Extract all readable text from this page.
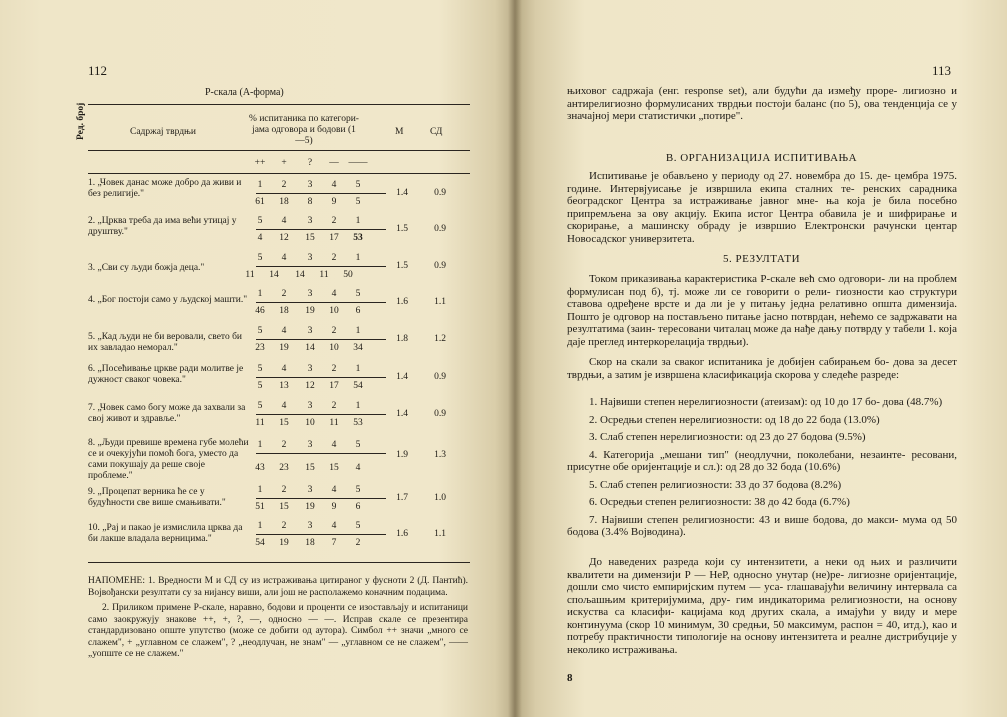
112
Р-скала (А-форма)
Ред. број	Садржај тврдњи
% испитаника по категори- јама одговора и бодови (1—5)
М	СД
++	+	?	—	——
1. „Човек данас може добро да живи и без религије."
1	2	3	4	5
61	18	8	9	5
1.4	0.9
2. „Црква треба да има већи утицај у друштву."
5	4	3	2	1
4	12	15	17	53
1.5	0.9
3. „Сви су људи божја деца."
5	4	3	2	1
11	14	14	11	50
1.5	0.9
4. „Бог постоји само у људској машти."
1	2	3	4	5
46	18	19	10	6
1.6	1.1
5. „Кад људи не би веровали, свето би их завладао неморал."
5	4	3	2	1
23	19	14	10	34
1.8	1.2
6. „Посећивање цркве ради молитве је дужност сваког човека."
5	4	3	2	1
5	13	12	17	54
1.4	0.9
7. „Човек само богу може да захвали за свој живот и здравље."
5	4	3	2	1
11	15	10	11	53
1.4	0.9
8. „Људи превише времена губе молећи се и очекујући помоћ бога, уместо да сами покушају да реше своје проблеме."
1	2	3	4	5
43	23	15	15	4
1.9	1.3
9. „Процепат верника ће се у будућности све више смањивати."
1	2	3	4	5
51	15	19	9	6
1.7	1.0
10. „Рај и пакао је измислила црква да би лакше владала верницима."
1	2	3	4	5
54	19	18	7	2
1.6	1.1

НАПОМЕНЕ: 1. Вредности М и СД су из истраживања цитираног у фусноти 2 (Д. Пантић). Војвођански резултати су за нијансу виши, али још не располажемо коначним подацима.

2. Приликом примене Р-скале, наравно, бодови и проценти се изостављају и испитаници само заокружују знакове ++, +, ?, —, односно — —. Исправ скале се презентира стандардизовано опште упутство (може се добити од аутора). Симбол ++ значи „много се слажем", + „углавном се слажем", ? „неодлучан, не знам" — „углавном се не слажем", —— „уопште се не слажем."

113

њиховог садржаја (енг. response set), али будући да између проре- лигиозно и антирелигиозно формулисаних тврдњи постоји баланс (по 5), ова тенденција се у значајној мери статистички „потире".

В. ОРГАНИЗАЦИЈА ИСПИТИВАЊА

Испитивање је обављено у периоду од 27. новембра до 15. де- цембра 1975. године. Интервјуисање је извршила екипа сталних те- ренских сарадника београдског Центра за истраживање јавног мне- ња која је била посебно припремљена за ову акцију. Екипа истог Центра обавила је и шифрирање и скорирање, а машинску обраду је извршио Електронски рачунски центар Новосадског универзитета.

5. РЕЗУЛТАТИ

Током приказивања карактеристика Р-скале већ смо одговори- ли на проблем формулисан под б), тј. може ли се говорити о рели- гиозности као структури ставова одређене врсте и да ли је у питању једна релативно општа димензија. Пошто је одговор на постављено питање јасно потврдан, нећемо се задржавати на резултатима (заин- тересовани читалац може да нађе дању потврду у табели 1. која даје преглед интеркорелација тврдњи).

Скор на скали за сваког испитаника је добијен сабирањем бо- дова за десет тврдњи, а затим је извршена класификација скорова у следеће разреде:

1. Највиши степен нерелигиозности (атеизам): од 10 до 17 бо- дова (48.7%)

2. Осредњи степен нерелигиозности: од 18 до 22 бода (13.0%)

3. Слаб степен нерелигиозности: од 23 до 27 бодова (9.5%)

4. Категорија „мешани тип" (неодлучни, поколебани, незаинте- ресовани, присутне обе оријентације и сл.): од 28 до 32 бода (10.6%)

5. Слаб степен религиозности: 33 до 37 бодова (8.2%)

6. Осредњи степен религиозности: 38 до 42 бода (6.7%)

7. Највиши степен религиозности: 43 и више бодова, до макси- мума од 50 бодова (3.4% Војводина).

До наведених разреда који су интензитети, а неки од њих и различити квалитети на димензији Р — НеР, односно унутар (не)ре- лигиозне оријентације, дошли смо чисто емпиријским путем — уса- глашавајући величину интервала са спољашњим критеријумима, дру- гим индикаторима религиозности, на основу искуства са класифи- кацијама код других скала, а имајући у виду и мере континуума (скор 10 минимум, 30 средњи, 50 максимум, распон = 40, итд.), као и потребу практичности типологије на основу интензитета и реалне дистрибуције у неколико истраживања.

8
